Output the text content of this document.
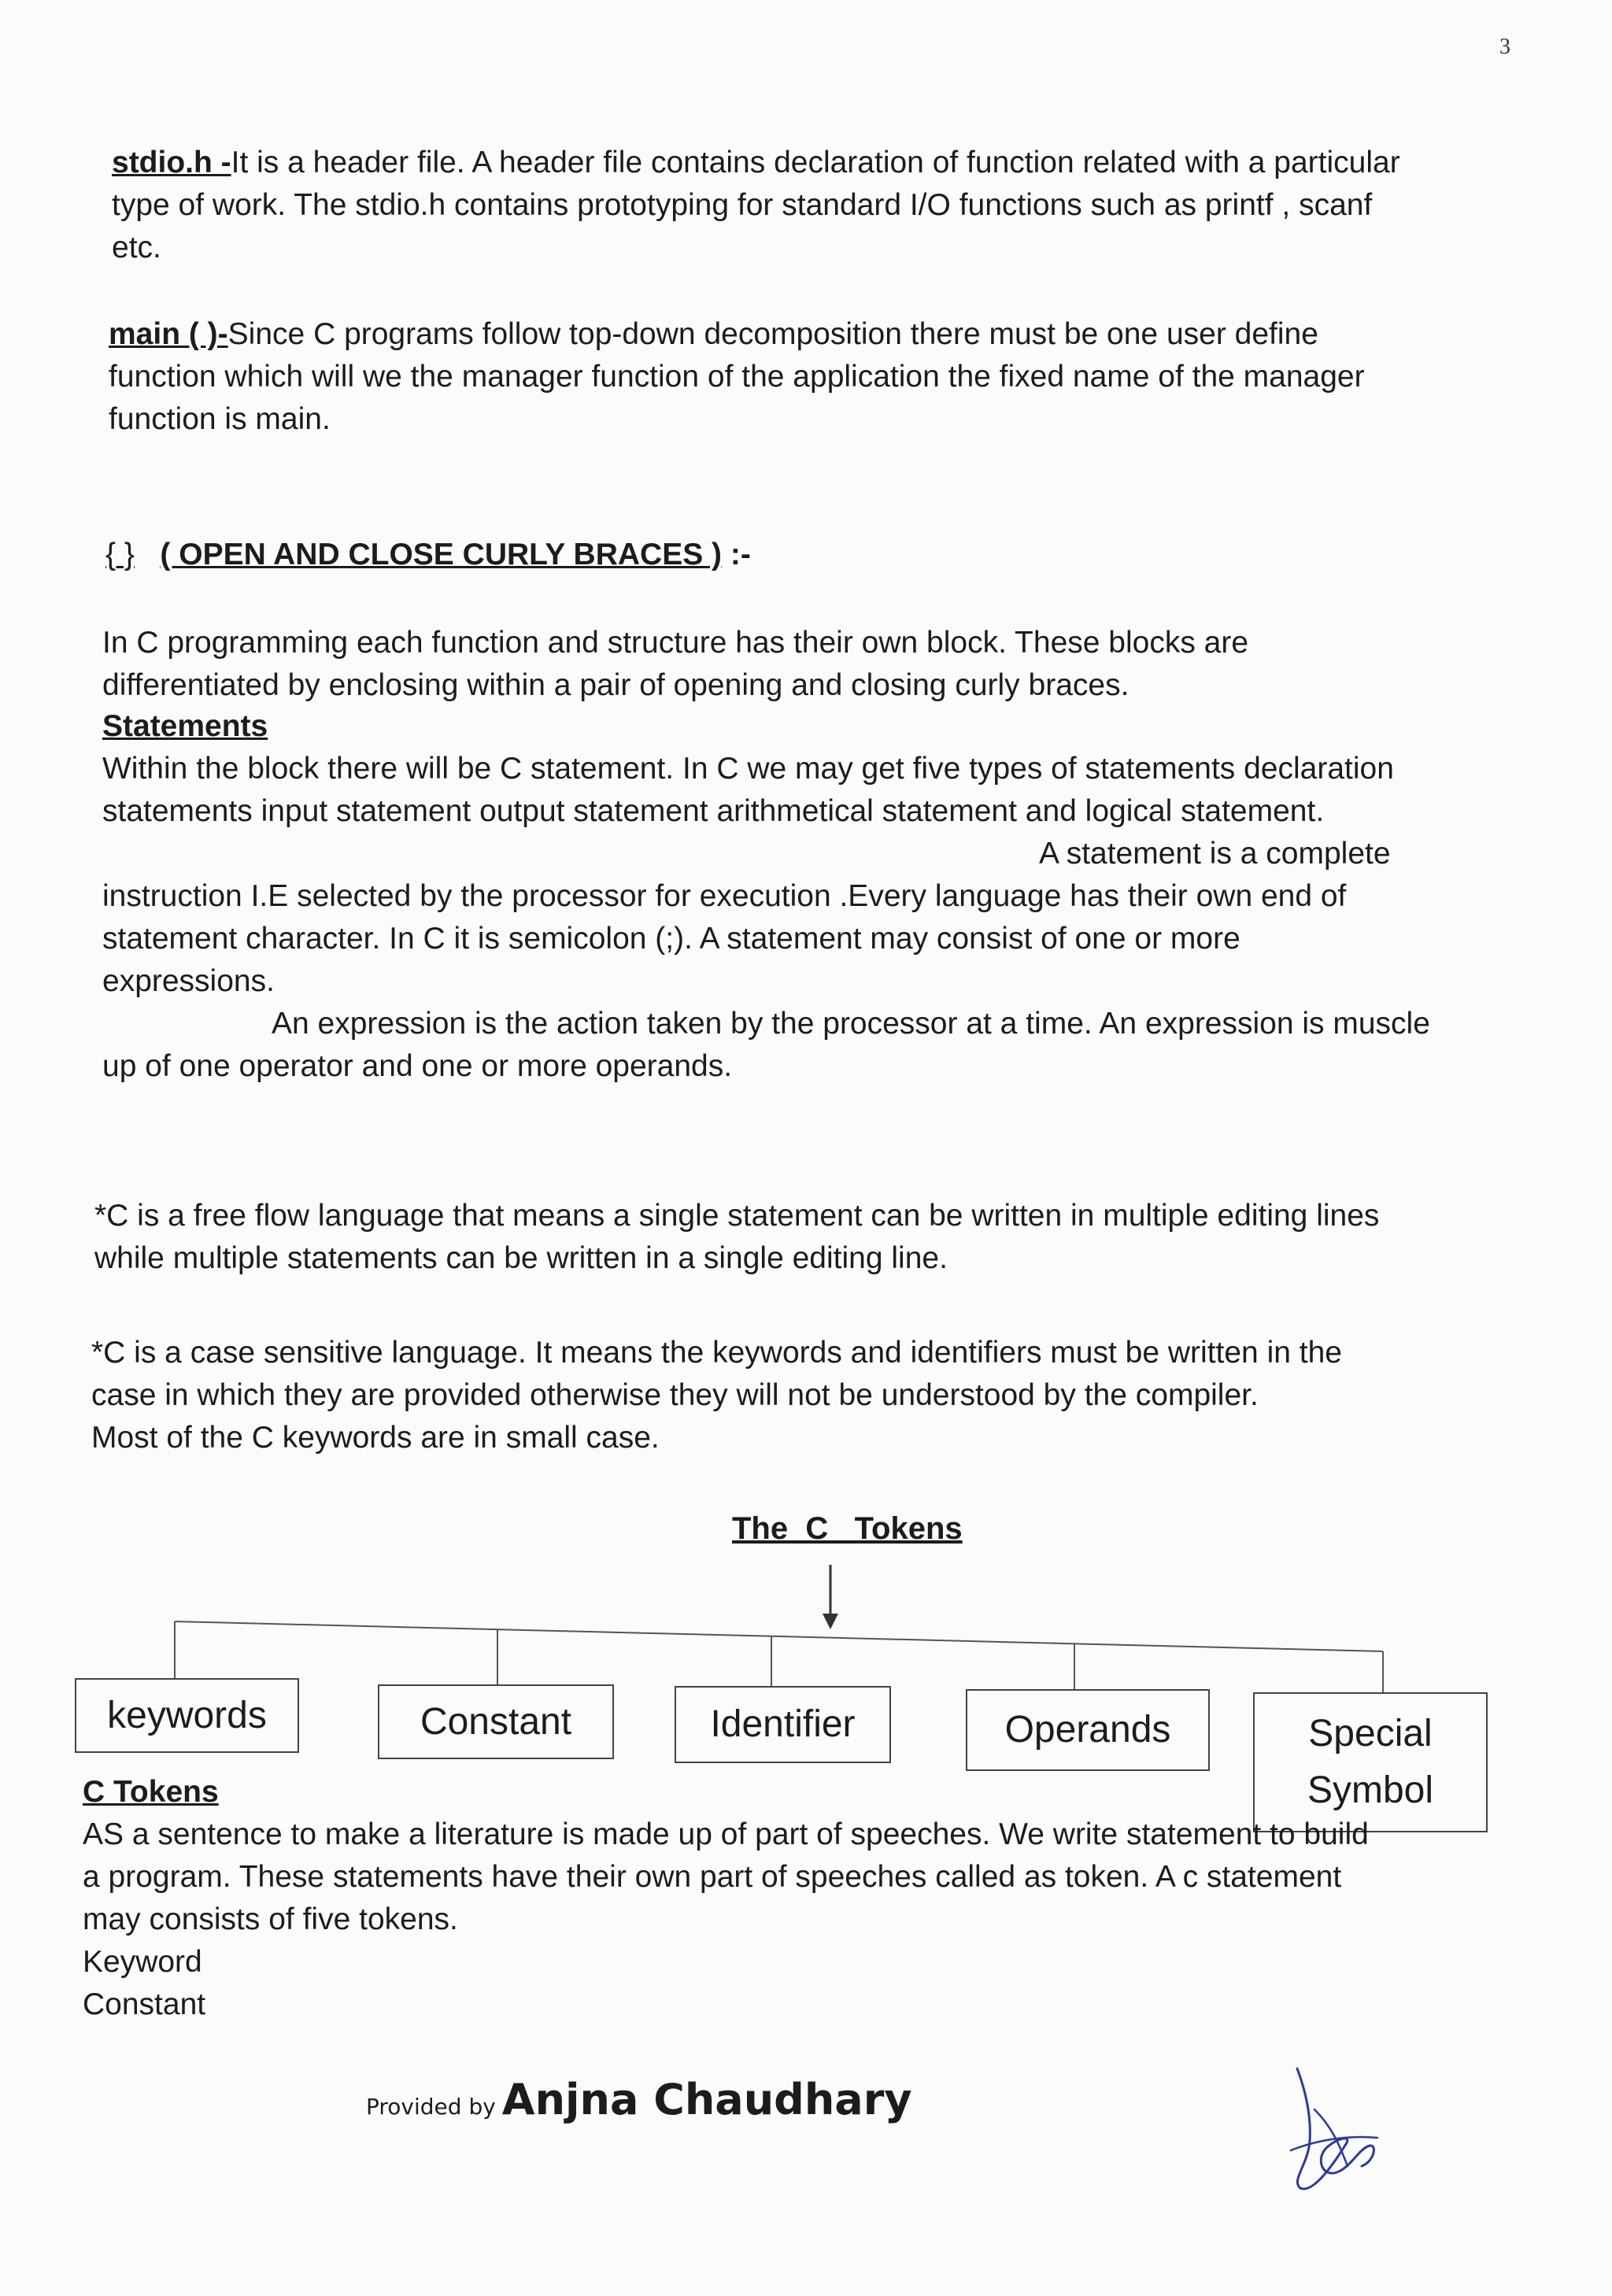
3
stdio.h -It is a header file. A header file contains declaration of function related with a particular
type of work. The stdio.h contains prototyping for standard I/O functions such as printf , scanf
etc.
main ( )-Since C programs follow top-down decomposition there must be one user define
function which will we the manager function of the application the fixed name of the manager
function is main.
{ } ( OPEN AND CLOSE CURLY BRACES ) :-
In C programming each function and structure has their own block. These blocks are
differentiated by enclosing within a pair of opening and closing curly braces.
Statements
Within the block there will be C statement. In C we may get five types of statements declaration
statements input statement output statement arithmetical statement and logical statement.
A statement is a complete
instruction I.E selected by the processor for execution .Every language has their own end of
statement character. In C it is semicolon (;). A statement may consist of one or more
expressions.
An expression is the action taken by the processor at a time. An expression is muscle
up of one operator and one or more operands.
*C is a free flow language that means a single statement can be written in multiple editing lines
while multiple statements can be written in a single editing line.
*C is a case sensitive language. It means the keywords and identifiers must be written in the
case in which they are provided otherwise they will not be understood by the compiler.
Most of the C keywords are in small case.
The  C   Tokens
keywords	Constant	Identifier	Operands	Special
Symbol
C Tokens
AS a sentence to make a literature is made up of part of speeches. We write statement to build
a program. These statements have their own part of speeches called as token. A c statement
may consists of five tokens.
Keyword
Constant
Provided by Anjna Chaudhary
